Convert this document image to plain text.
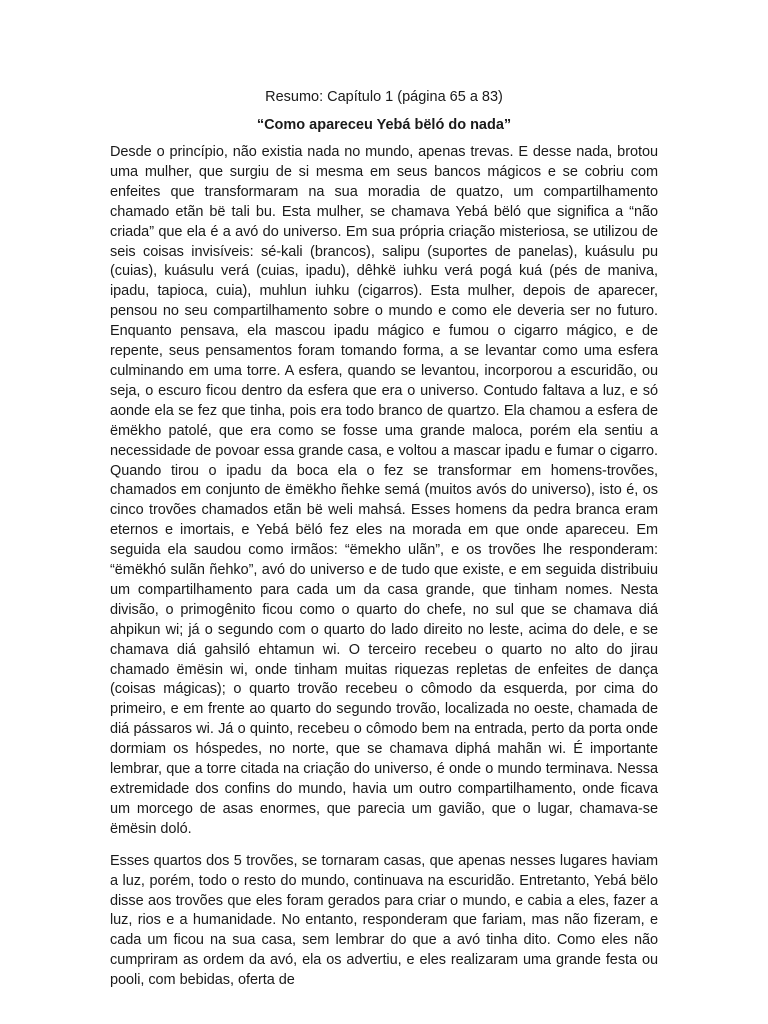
Resumo: Capítulo 1 (página 65 a 83)
“Como apareceu Yebá bëló do nada”

Desde o princípio, não existia nada no mundo, apenas trevas. E desse nada, brotou uma mulher, que surgiu de si mesma em seus bancos mágicos e se cobriu com enfeites que transformaram na sua moradia de quatzo, um compartilhamento chamado etãn bë tali bu. Esta mulher, se chamava Yebá bëló que significa a “não criada” que ela é a avó do universo. Em sua própria criação misteriosa, se utilizou de seis coisas invisíveis: sé-kali (brancos), salipu (suportes de panelas), kuásulu pu (cuias), kuásulu verá (cuias, ipadu), dêhkë iuhku verá pogá kuá (pés de maniva, ipadu, tapioca, cuia), muhlun iuhku (cigarros). Esta mulher, depois de aparecer, pensou no seu compartilhamento sobre o mundo e como ele deveria ser no futuro. Enquanto pensava, ela mascou ipadu mágico e fumou o cigarro mágico, e de repente, seus pensamentos foram tomando forma, a se levantar como uma esfera culminando em uma torre. A esfera, quando se levantou, incorporou a escuridão, ou seja, o escuro ficou dentro da esfera que era o universo. Contudo faltava a luz, e só aonde ela se fez que tinha, pois era todo branco de quartzo. Ela chamou a esfera de ëmëkho patolé, que era como se fosse uma grande maloca, porém ela sentiu a necessidade de povoar essa grande casa, e voltou a mascar ipadu e fumar o cigarro. Quando tirou o ipadu da boca ela o fez se transformar em homens-trovões, chamados em conjunto de ëmëkho ñehke semá (muitos avós do universo), isto é, os cinco trovões chamados etãn bë weli mahsá. Esses homens da pedra branca eram eternos e imortais, e Yebá bëló fez eles na morada em que onde apareceu. Em seguida ela saudou como irmãos: “ëmekho ulãn”, e os trovões lhe responderam: “ëmëkhó sulãn ñehko”, avó do universo e de tudo que existe, e em seguida distribuiu um compartilhamento para cada um da casa grande, que tinham nomes. Nesta divisão, o primogênito ficou como o quarto do chefe, no sul que se chamava diá ahpikun wi; já o segundo com o quarto do lado direito no leste, acima do dele, e se chamava diá gahsiló ehtamun wi. O terceiro recebeu o quarto no alto do jirau chamado ëmësin wi, onde tinham muitas riquezas repletas de enfeites de dança (coisas mágicas); o quarto trovão recebeu o cômodo da esquerda, por cima do primeiro, e em frente ao quarto do segundo trovão, localizada no oeste, chamada de diá pássaros wi. Já o quinto, recebeu o cômodo bem na entrada, perto da porta onde dormiam os hóspedes, no norte, que se chamava diphá mahãn wi. É importante lembrar, que a torre citada na criação do universo, é onde o mundo terminava. Nessa extremidade dos confins do mundo, havia um outro compartilhamento, onde ficava um morcego de asas enormes, que parecia um gavião, que o lugar, chamava-se ëmësin doló.

Esses quartos dos 5 trovões, se tornaram casas, que apenas nesses lugares haviam a luz, porém, todo o resto do mundo, continuava na escuridão. Entretanto, Yebá bëlo disse aos trovões que eles foram gerados para criar o mundo, e cabia a eles, fazer a luz, rios e a humanidade. No entanto, responderam que fariam, mas não fizeram, e cada um ficou na sua casa, sem lembrar do que a avó tinha dito. Como eles não cumpriram as ordem da avó, ela os advertiu, e eles realizaram uma grande festa ou pooli, com bebidas, oferta de
